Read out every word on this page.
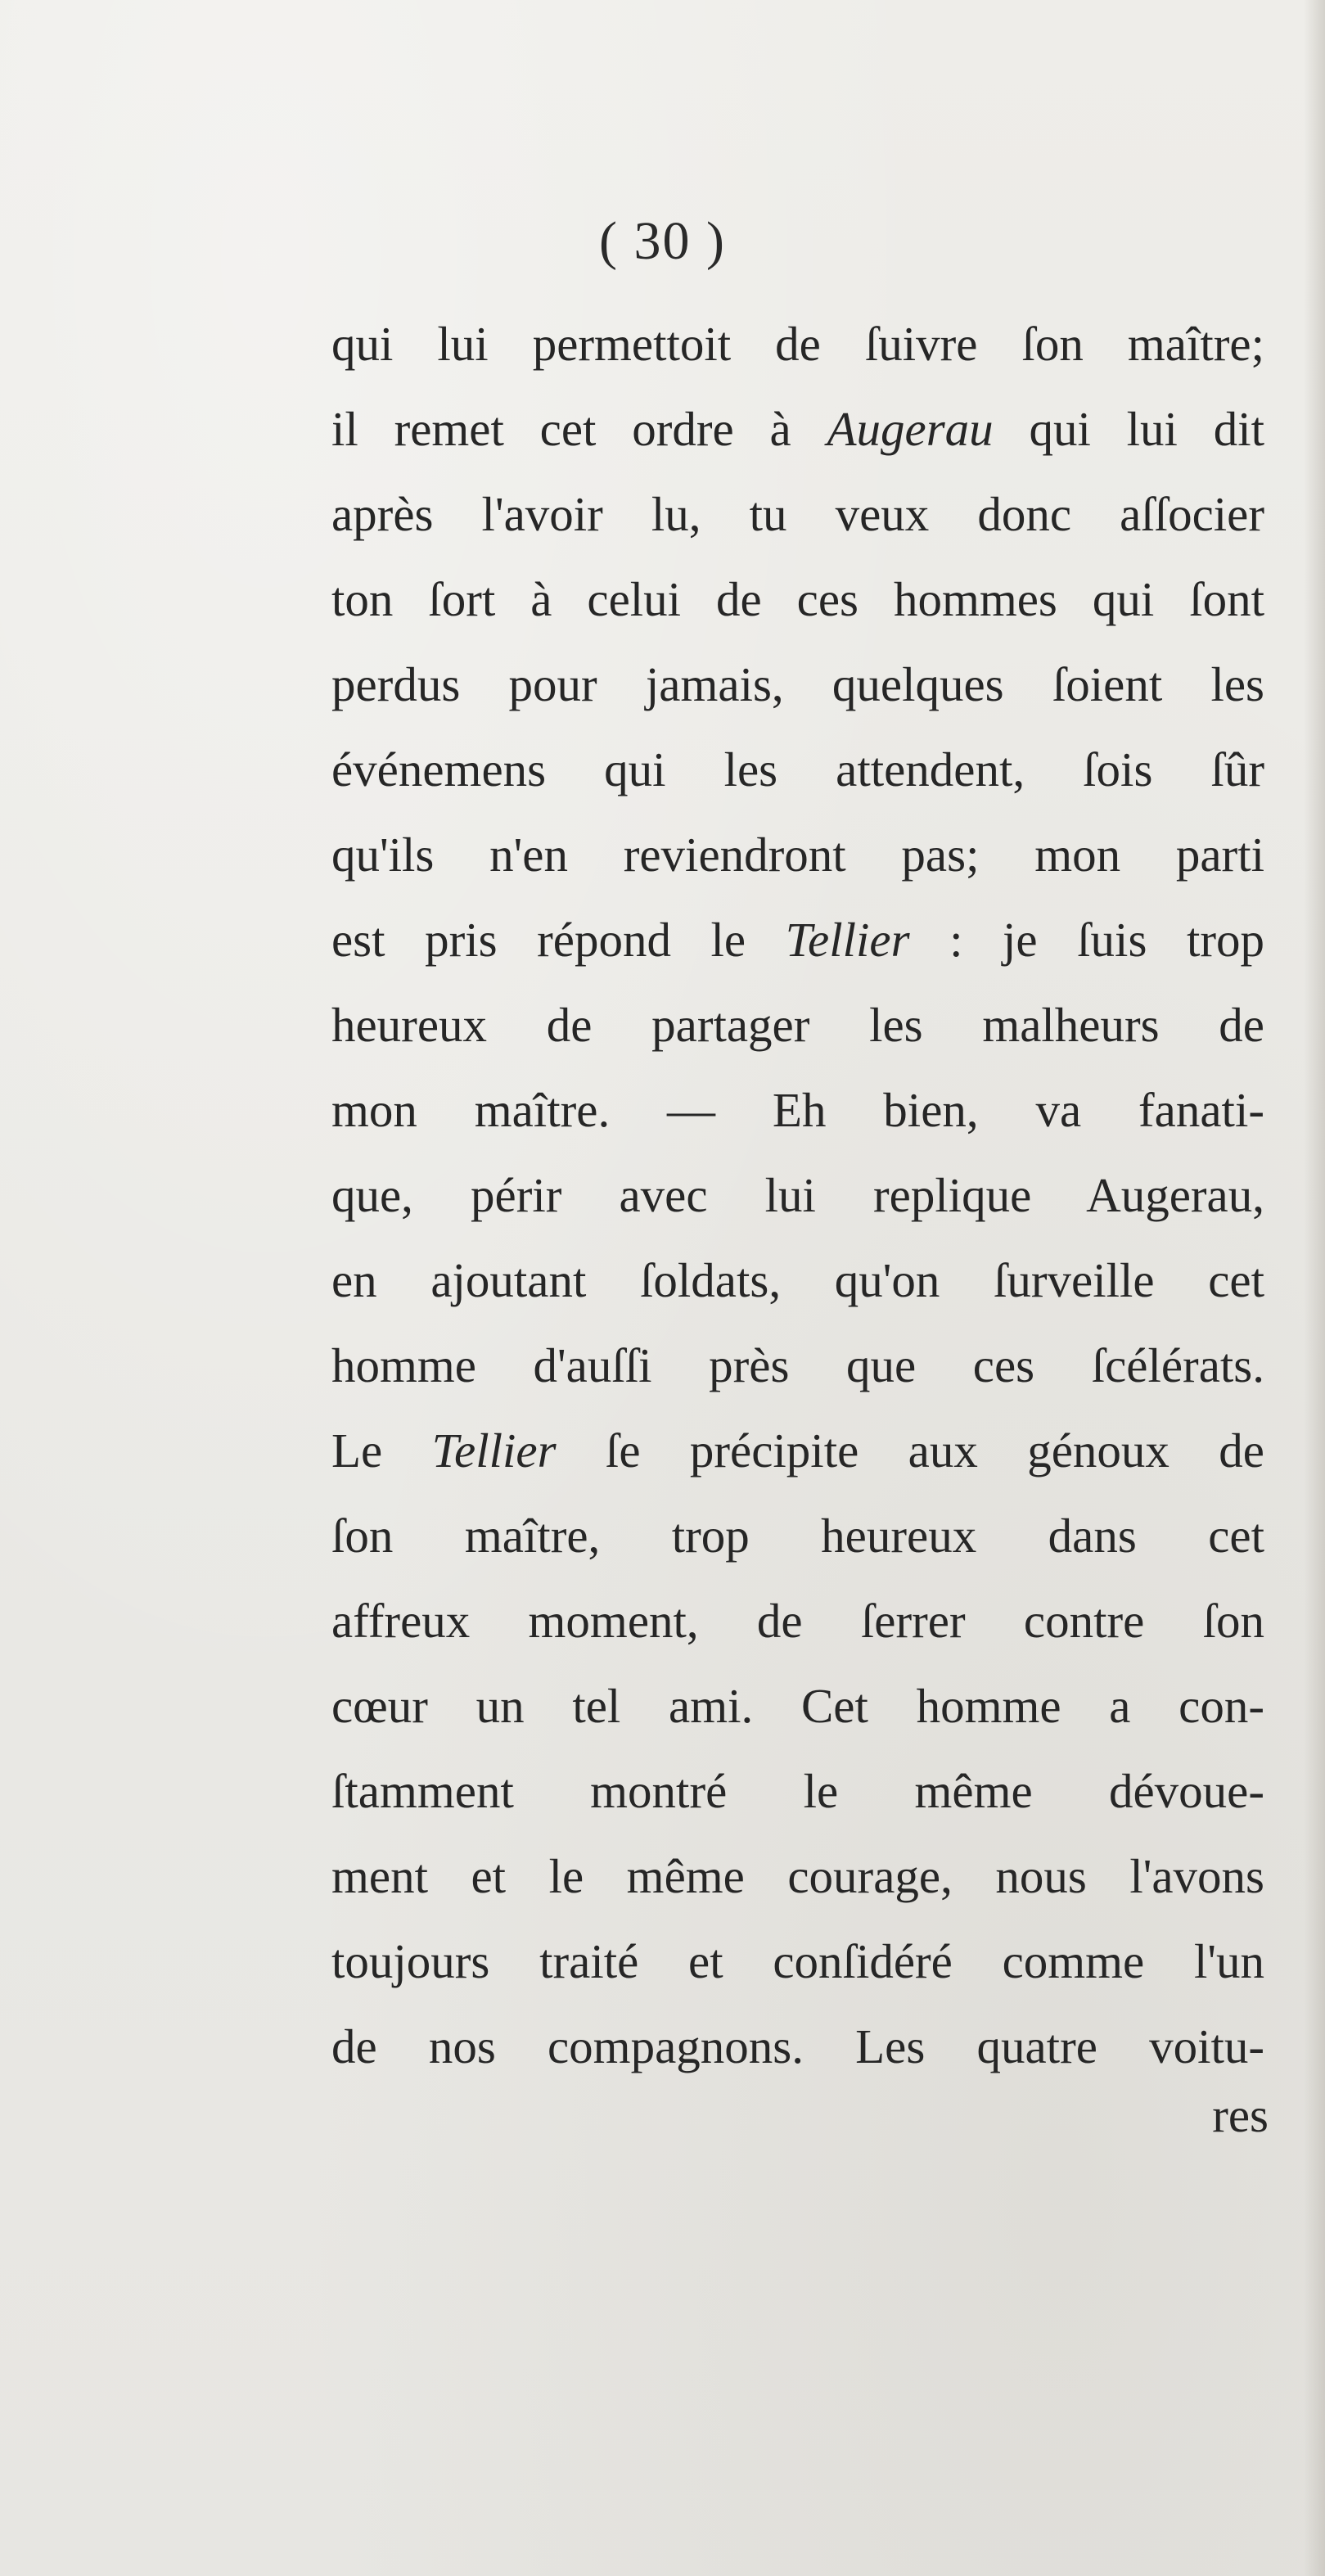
( 30 )
qui lui permettoit de ſuivre ſon maître;
il remet cet ordre à Augerau qui lui dit
après l'avoir lu, tu veux donc aſſocier
ton ſort à celui de ces hommes qui ſont
perdus pour jamais, quelques ſoient les
événemens qui les attendent, ſois ſûr
qu'ils n'en reviendront pas; mon parti
est pris répond le Tellier : je ſuis trop
heureux de partager les malheurs de
mon maître. — Eh bien, va fanati-
que, périr avec lui replique Augerau,
en ajoutant ſoldats, qu'on ſurveille cet
homme d'auſſi près que ces ſcélérats.
Le Tellier ſe précipite aux génoux de
ſon maître, trop heureux dans cet
affreux moment, de ſerrer contre ſon
cœur un tel ami. Cet homme a con-
ſtamment montré le même dévoue-
ment et le même courage, nous l'avons
toujours traité et conſidéré comme l'un
de nos compagnons. Les quatre voitu-
res
